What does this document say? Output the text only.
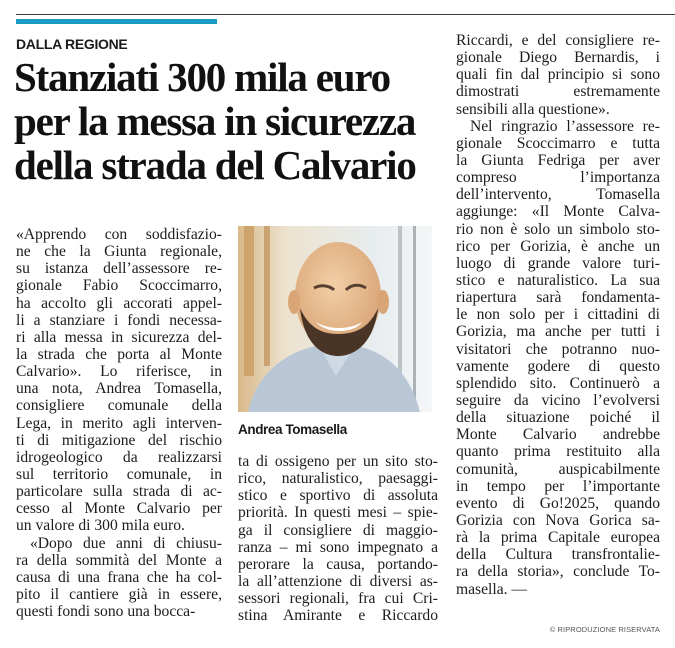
DALLA REGIONE
Stanziati 300 mila euro
per la messa in sicurezza
della strada del Calvario
«Apprendo con soddisfazio-
ne che la Giunta regionale,
su istanza dell’assessore re-
gionale Fabio Scoccimarro,
ha accolto gli accorati appel-
li a stanziare i fondi necessa-
ri alla messa in sicurezza del-
la strada che porta al Monte
Calvario». Lo riferisce, in
una nota, Andrea Tomasella,
consigliere comunale della
Lega, in merito agli interven-
ti di mitigazione del rischio
idrogeologico da realizzarsi
sul territorio comunale, in
particolare sulla strada di ac-
cesso al Monte Calvario per
un valore di 300 mila euro.
«Dopo due anni di chiusu-
ra della sommità del Monte a
causa di una frana che ha col-
pito il cantiere già in essere,
questi fondi sono una bocca-
Andrea Tomasella
ta di ossigeno per un sito sto-
rico, naturalistico, paesaggi-
stico e sportivo di assoluta
priorità. In questi mesi – spie-
ga il consigliere di maggio-
ranza – mi sono impegnato a
perorare la causa, portando-
la all’attenzione di diversi as-
sessori regionali, fra cui Cri-
stina Amirante e Riccardo
Riccardi, e del consigliere re-
gionale Diego Bernardis, i
quali fin dal principio si sono
dimostrati estremamente
sensibili alla questione».
Nel ringrazio l’assessore re-
gionale Scoccimarro e tutta
la Giunta Fedriga per aver
compreso l’importanza
dell’intervento, Tomasella
aggiunge: «Il Monte Calva-
rio non è solo un simbolo sto-
rico per Gorizia, è anche un
luogo di grande valore turi-
stico e naturalistico. La sua
riapertura sarà fondamenta-
le non solo per i cittadini di
Gorizia, ma anche per tutti i
visitatori che potranno nuo-
vamente godere di questo
splendido sito. Continuerò a
seguire da vicino l’evolversi
della situazione poiché il
Monte Calvario andrebbe
quanto prima restituito alla
comunità, auspicabilmente
in tempo per l’importante
evento di Go!2025, quando
Gorizia con Nova Gorica sa-
rà la prima Capitale europea
della Cultura transfrontalie-
ra della storia», conclude To-
masella. —
© RIPRODUZIONE RISERVATA
